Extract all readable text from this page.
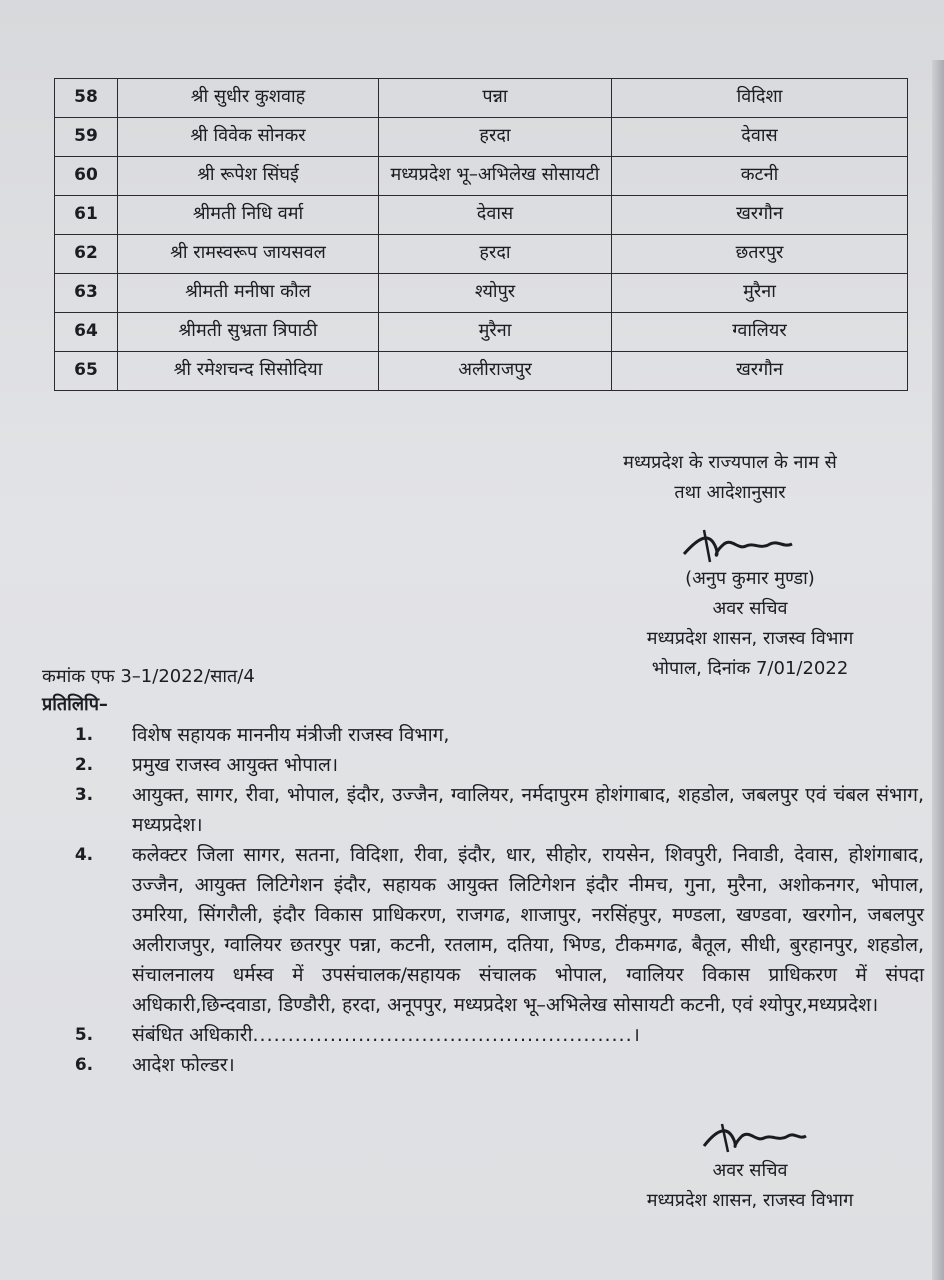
58	श्री सुधीर कुशवाह	पन्ना	विदिशा
59	श्री विवेक सोनकर	हरदा	देवास
60	श्री रूपेश सिंघई	मध्यप्रदेश भू–अभिलेख सोसायटी	कटनी
61	श्रीमती निधि वर्मा	देवास	खरगौन
62	श्री रामस्वरूप जायसवल	हरदा	छतरपुर
63	श्रीमती मनीषा कौल	श्योपुर	मुरैना
64	श्रीमती सुभ्रता त्रिपाठी	मुरैना	ग्वालियर
65	श्री रमेशचन्द सिसोदिया	अलीराजपुर	खरगौन
मध्यप्रदेश के राज्यपाल के नाम से
तथा आदेशानुसार
(अनुप कुमार मुण्डा)
अवर सचिव
मध्यप्रदेश शासन, राजस्व विभाग
भोपाल, दिनांक 7/01/2022
कमांक एफ 3–1/2022/सात/4
प्रतिलिपि–
1.	विशेष सहायक माननीय मंत्रीजी राजस्व विभाग,
2.	प्रमुख राजस्व आयुक्त भोपाल।
3.	आयुक्त, सागर, रीवा, भोपाल, इंदौर, उज्जैन, ग्वालियर, नर्मदापुरम होशंगाबाद, शहडोल, जबलपुर एवं चंबल संभाग, मध्यप्रदेश।
4.	कलेक्टर जिला सागर, सतना, विदिशा, रीवा, इंदौर, धार, सीहोर, रायसेन, शिवपुरी, निवाडी, देवास, होशंगाबाद, उज्जैन, आयुक्त लिटिगेशन इंदौर, सहायक आयुक्त लिटिगेशन इंदौर नीमच, गुना, मुरैना, अशोकनगर, भोपाल, उमरिया, सिंगरौली, इंदौर विकास प्राधिकरण, राजगढ, शाजापुर, नरसिंहपुर, मण्डला, खण्डवा, खरगोन, जबलपुर अलीराजपुर, ग्वालियर छतरपुर पन्ना, कटनी, रतलाम, दतिया, भिण्ड, टीकमगढ, बैतूल, सीधी, बुरहानपुर, शहडोल, संचालनालय धर्मस्व में उपसंचालक/सहायक संचालक भोपाल, ग्वालियर विकास प्राधिकरण में संपदा अधिकारी,छिन्दवाडा, डिण्डौरी, हरदा, अनूपपुर, मध्यप्रदेश भू–अभिलेख सोसायटी कटनी, एवं श्योपुर,मध्यप्रदेश।
5.	संबंधित अधिकारी......................................................।
6.	आदेश फोल्डर।
अवर सचिव
मध्यप्रदेश शासन, राजस्व विभाग
